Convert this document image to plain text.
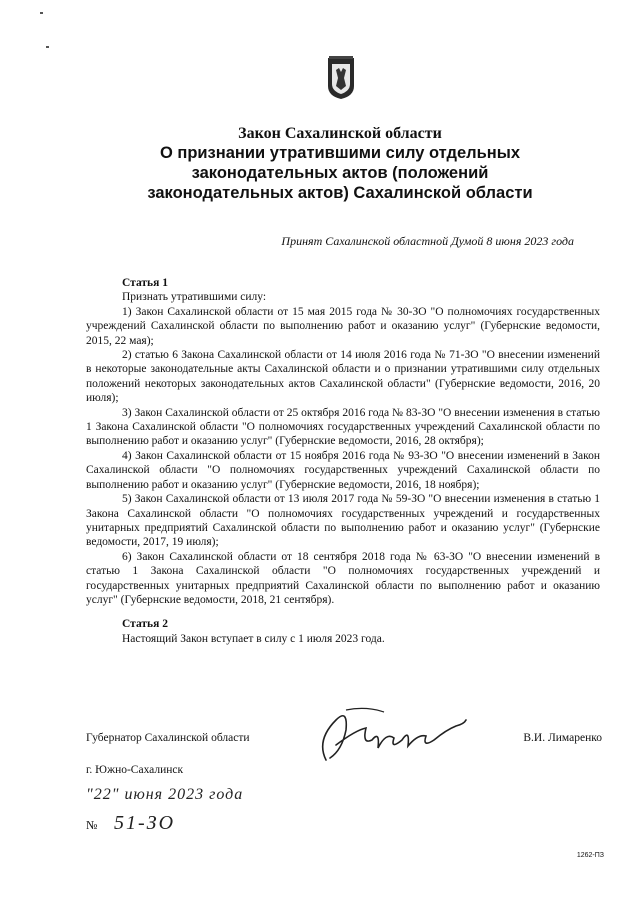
Закон Сахалинской области
О признании утратившими силу отдельных
законодательных актов (положений
законодательных актов) Сахалинской области
Принят Сахалинской областной Думой 8 июня 2023 года
Статья 1

Признать утратившими силу:

1) Закон Сахалинской области от 15 мая 2015 года № 30-ЗО "О полномочиях государственных учреждений Сахалинской области по выполнению работ и оказанию услуг" (Губернские ведомости, 2015, 22 мая);

2) статью 6 Закона Сахалинской области от 14 июля 2016 года № 71-ЗО "О внесении изменений в некоторые законодательные акты Сахалинской области и о признании утратившими силу отдельных положений некоторых законодательных актов Сахалинской области" (Губернские ведомости, 2016, 20 июля);

3) Закон Сахалинской области от 25 октября 2016 года № 83-ЗО "О внесении изменения в статью 1 Закона Сахалинской области "О полномочиях государственных учреждений Сахалинской области по выполнению работ и оказанию услуг" (Губернские ведомости, 2016, 28 октября);

4) Закон Сахалинской области от 15 ноября 2016 года № 93-ЗО "О внесении изменений в Закон Сахалинской области "О полномочиях государственных учреждений Сахалинской области по выполнению работ и оказанию услуг" (Губернские ведомости, 2016, 18 ноября);

5) Закон Сахалинской области от 13 июля 2017 года № 59-ЗО "О внесении изменения в статью 1 Закона Сахалинской области "О полномочиях государственных учреждений и государственных унитарных предприятий Сахалинской области по выполнению работ и оказанию услуг" (Губернские ведомости, 2017, 19 июля);

6) Закон Сахалинской области от 18 сентября 2018 года № 63-ЗО "О внесении изменений в статью 1 Закона Сахалинской области "О полномочиях государственных учреждений и государственных унитарных предприятий Сахалинской области по выполнению работ и оказанию услуг" (Губернские ведомости, 2018, 21 сентября).

Статья 2

Настоящий Закон вступает в силу с 1 июля 2023 года.

Губернатор Сахалинской области	В.И. Лимаренко
г. Южно-Сахалинск
"22" июня 2023 года
№ 51-ЗО
1262-ПЗ
